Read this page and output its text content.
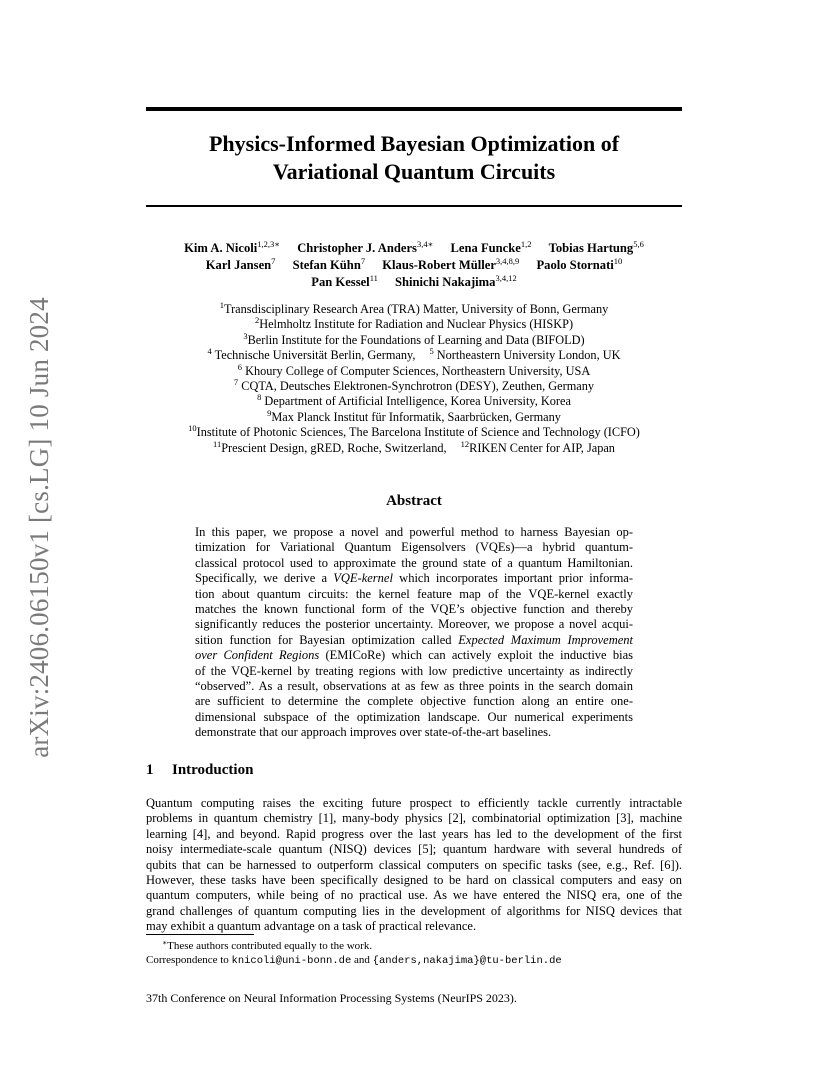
arXiv:2406.06150v1 [cs.LG] 10 Jun 2024
Physics-Informed Bayesian Optimization of
Variational Quantum Circuits
Kim A. Nicoli$^{1,2,3∗}$ Christopher J. Anders$^{3,4∗}$ Lena Funcke$^{1,2}$ Tobias Hartung$^{5,6}$
Karl Jansen$^7$ Stefan Kühn$^7$ Klaus-Robert Müller$^{3,4,8,9}$ Paolo Stornati$^{10}$
Pan Kessel$^{11}$ Shinichi Nakajima$^{3,4,12}$
$^1$Transdisciplinary Research Area (TRA) Matter, University of Bonn, Germany
$^2$Helmholtz Institute for Radiation and Nuclear Physics (HISKP)
$^3$Berlin Institute for the Foundations of Learning and Data (BIFOLD)
$^4$ Technische Universität Berlin, Germany, $^5$ Northeastern University London, UK
$^6$ Khoury College of Computer Sciences, Northeastern University, USA
$^7$ CQTA, Deutsches Elektronen-Synchrotron (DESY), Zeuthen, Germany
$^8$ Department of Artificial Intelligence, Korea University, Korea
$^9$Max Planck Institut für Informatik, Saarbrücken, Germany
$^{10}$Institute of Photonic Sciences, The Barcelona Institute of Science and Technology (ICFO)
$^{11}$Prescient Design, gRED, Roche, Switzerland, $^{12}$RIKEN Center for AIP, Japan
Abstract
In this paper, we propose a novel and powerful method to harness Bayesian op-
timization for Variational Quantum Eigensolvers (VQEs)—a hybrid quantum-
classical protocol used to approximate the ground state of a quantum Hamiltonian.
Specifically, we derive a VQE-kernel which incorporates important prior informa-
tion about quantum circuits: the kernel feature map of the VQE-kernel exactly
matches the known functional form of the VQE’s objective function and thereby
significantly reduces the posterior uncertainty. Moreover, we propose a novel acqui-
sition function for Bayesian optimization called Expected Maximum Improvement
over Confident Regions (EMICoRe) which can actively exploit the inductive bias
of the VQE-kernel by treating regions with low predictive uncertainty as indirectly
“observed”. As a result, observations at as few as three points in the search domain
are sufficient to determine the complete objective function along an entire one-
dimensional subspace of the optimization landscape. Our numerical experiments
demonstrate that our approach improves over state-of-the-art baselines.
1 Introduction
Quantum computing raises the exciting future prospect to efficiently tackle currently intractable
problems in quantum chemistry [1], many-body physics [2], combinatorial optimization [3], machine
learning [4], and beyond. Rapid progress over the last years has led to the development of the first
noisy intermediate-scale quantum (NISQ) devices [5]; quantum hardware with several hundreds of
qubits that can be harnessed to outperform classical computers on specific tasks (see, e.g., Ref. [6]).
However, these tasks have been specifically designed to be hard on classical computers and easy on
quantum computers, while being of no practical use. As we have entered the NISQ era, one of the
grand challenges of quantum computing lies in the development of algorithms for NISQ devices that
may exhibit a quantum advantage on a task of practical relevance.
∗These authors contributed equally to the work.
Correspondence to knicoli@uni-bonn.de and {anders,nakajima}@tu-berlin.de
37th Conference on Neural Information Processing Systems (NeurIPS 2023).
